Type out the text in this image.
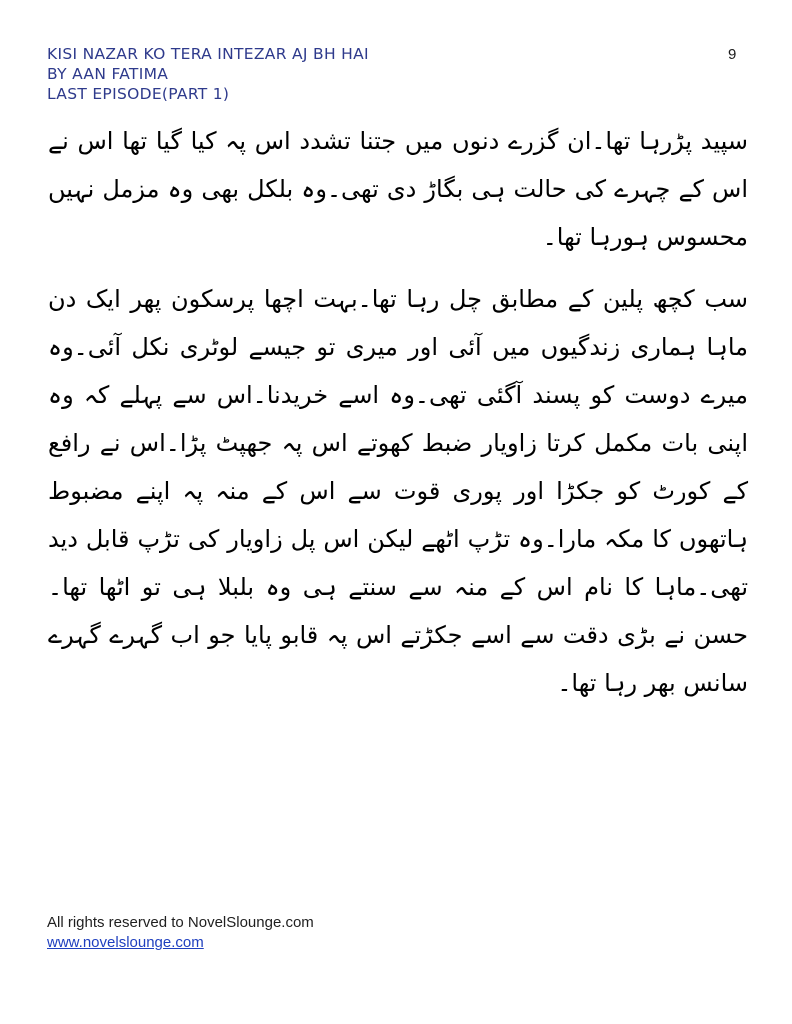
KISI NAZAR KO TERA INTEZAR AJ BH HAI
BY AAN FATIMA
LAST EPISODE(PART 1)
9

سپید پڑرہا تھا۔ان گزرے دنوں میں جتنا تشدد اس پہ کیا گیا تھا اس نے اس کے چہرے کی حالت ہی بگاڑ دی تھی۔وہ بلکل بھی وہ مزمل نہیں محسوس ہورہا تھا۔

سب کچھ پلین کے مطابق چل رہا تھا۔بہت اچھا پرسکون پھر ایک دن ماہا ہماری زندگیوں میں آئی اور میری تو جیسے لوٹری نکل آئی۔وہ میرے دوست کو پسند آگئی تھی۔وہ اسے خریدنا۔اس سے پہلے کہ وہ اپنی بات مکمل کرتا زاویار ضبط کھوتے اس پہ جھپٹ پڑا۔اس نے رافع کے کورٹ کو جکڑا اور پوری قوت سے اس کے منہ پہ اپنے مضبوط ہاتھوں کا مکہ مارا۔وہ تڑپ اٹھے لیکن اس پل زاویار کی تڑپ قابل دید تھی۔ماہا کا نام اس کے منہ سے سنتے ہی وہ بلبلا ہی تو اٹھا تھا۔حسن نے بڑی دقت سے اسے جکڑتے اس پہ قابو پایا جو اب گہرے گہرے سانس بھر رہا تھا۔

All rights reserved to NovelSlounge.com
www.novelslounge.com
